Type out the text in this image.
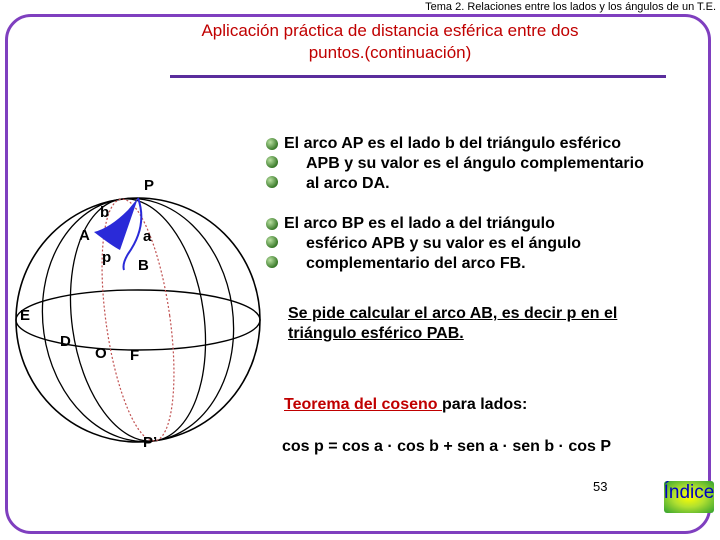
Tema 2. Relaciones entre los lados y los ángulos de un T.E.
Aplicación práctica de distancia esférica entre dos
puntos.(continuación)
P
b
A	a
p B
E
D
O F
P’
El arco AP es el lado b del triángulo esférico
APB y su valor es el ángulo complementario
al arco DA.
El arco BP es el lado a del triángulo
esférico APB y su valor es el ángulo
complementario del arco FB.
Se pide calcular el arco AB, es decir p en el
triángulo esférico PAB.
Teorema del coseno para lados:
cos p = cos a · cos b + sen a · sen b · cos P
53	Índice
